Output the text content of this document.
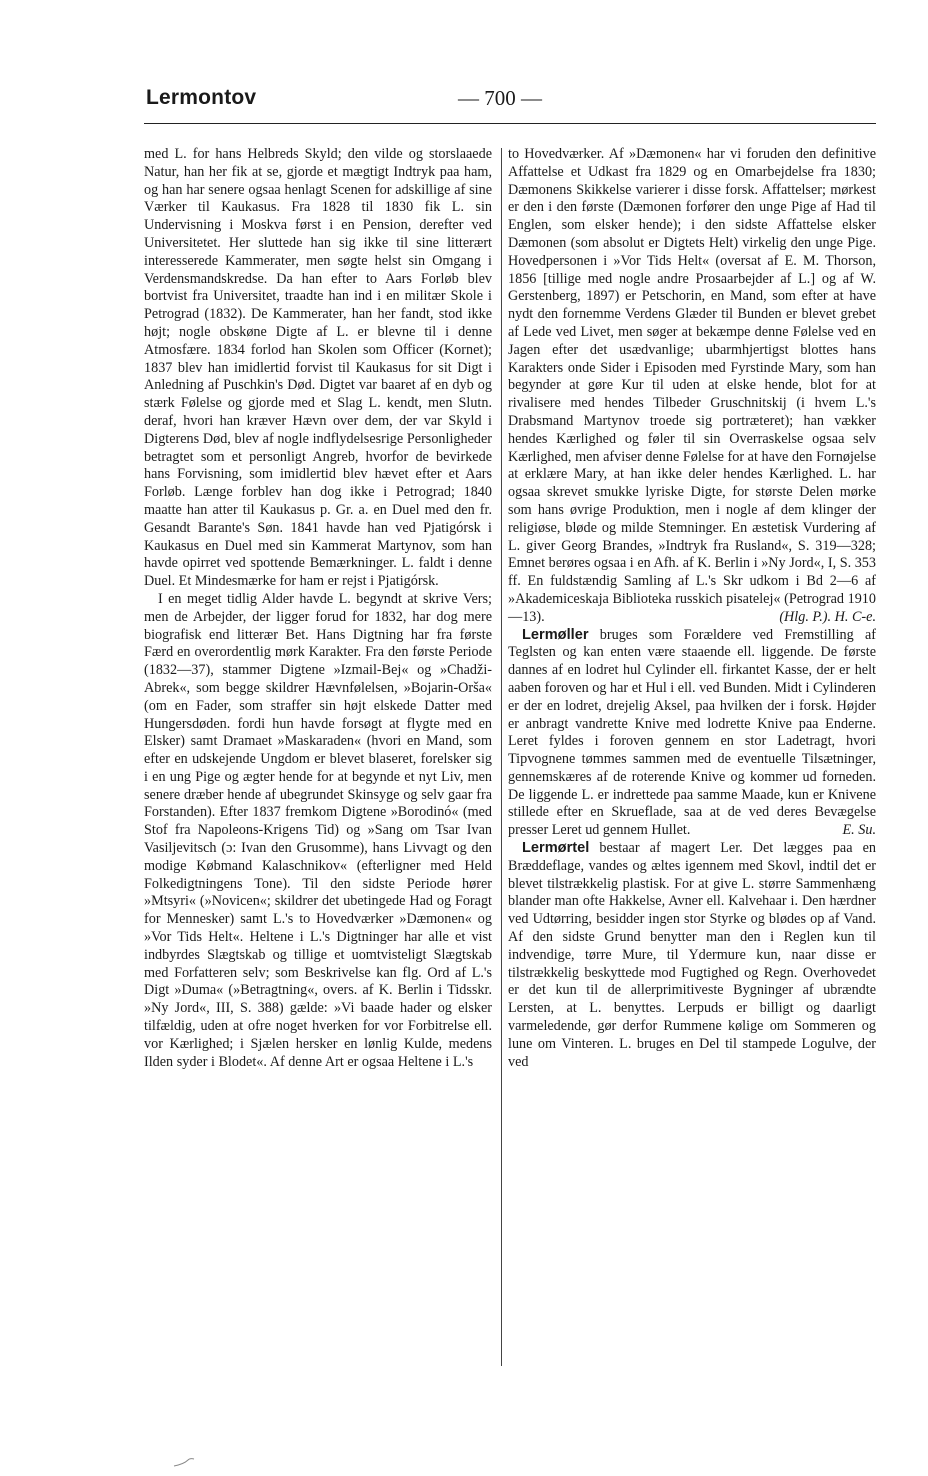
Lermontov	— 700 —

med L. for hans Helbreds Skyld; den vilde og storslaaede Natur, han her fik at se, gjorde et mægtigt Indtryk paa ham, og han har senere ogsaa henlagt Scenen for adskillige af sine Værker til Kaukasus. Fra 1828 til 1830 fik L. sin Undervisning i Moskva først i en Pension, derefter ved Universitetet. Her sluttede han sig ikke til sine litterært interesserede Kammerater, men søgte helst sin Omgang i Verdensmandskredse. Da han efter to Aars Forløb blev bortvist fra Universitet, traadte han ind i en militær Skole i Petrograd (1832). De Kammerater, han her fandt, stod ikke højt; nogle obskøne Digte af L. er blevne til i denne Atmosfære. 1834 forlod han Skolen som Officer (Kornet); 1837 blev han imidlertid forvist til Kaukasus for sit Digt i Anledning af Puschkin's Død. Digtet var baaret af en dyb og stærk Følelse og gjorde med et Slag L. kendt, men Slutn. deraf, hvori han kræver Hævn over dem, der var Skyld i Digterens Død, blev af nogle indflydelsesrige Personligheder betragtet som et personligt Angreb, hvorfor de bevirkede hans Forvisning, som imidlertid blev hævet efter et Aars Forløb. Længe forblev han dog ikke i Petrograd; 1840 maatte han atter til Kaukasus p. Gr. a. en Duel med den fr. Gesandt Barante's Søn. 1841 havde han ved Pjatigórsk i Kaukasus en Duel med sin Kammerat Martynov, som han havde opirret ved spottende Bemærkninger. L. faldt i denne Duel. Et Mindesmærke for ham er rejst i Pjatigórsk.

I en meget tidlig Alder havde L. begyndt at skrive Vers; men de Arbejder, der ligger forud for 1832, har dog mere biografisk end litterær Bet. Hans Digtning har fra første Færd en overordentlig mørk Karakter. Fra den første Periode (1832—37), stammer Digtene »Izmail-Bej« og »Chadži-Abrek«, som begge skildrer Hævnfølelsen, »Bojarin-Orša« (om en Fader, som straffer sin højt elskede Datter med Hungersdøden. fordi hun havde forsøgt at flygte med en Elsker) samt Dramaet »Maskaraden« (hvori en Mand, som efter en udskejende Ungdom er blevet blaseret, forelsker sig i en ung Pige og ægter hende for at begynde et nyt Liv, men senere dræber hende af ubegrundet Skinsyge og selv gaar fra Forstanden). Efter 1837 fremkom Digtene »Borodinó« (med Stof fra Napoleons-Krigens Tid) og »Sang om Tsar Ivan Vasiljevitsch (ɔ: Ivan den Grusomme), hans Livvagt og den modige Købmand Kalaschnikov« (efterligner med Held Folkedigtningens Tone). Til den sidste Periode hører »Mtsyri« (»Novicen«; skildrer det ubetingede Had og Foragt for Mennesker) samt L.'s to Hovedværker »Dæmonen« og »Vor Tids Helt«. Heltene i L.'s Digtninger har alle et vist indbyrdes Slægtskab og tillige et uomtvisteligt Slægtskab med Forfatteren selv; som Beskrivelse kan flg. Ord af L.'s Digt »Duma« (»Betragtning«, overs. af K. Berlin i Tidsskr. »Ny Jord«, III, S. 388) gælde: »Vi baade hader og elsker tilfældig, uden at ofre noget hverken for vor Forbitrelse ell. vor Kærlighed; i Sjælen hersker en lønlig Kulde, medens Ilden syder i Blodet«. Af denne Art er ogsaa Heltene i L.'s

to Hovedværker. Af »Dæmonen« har vi foruden den definitive Affattelse et Udkast fra 1829 og en Omarbejdelse fra 1830; Dæmonens Skikkelse varierer i disse forsk. Affattelser; mørkest er den i den første (Dæmonen forfører den unge Pige af Had til Englen, som elsker hende); i den sidste Affattelse elsker Dæmonen (som absolut er Digtets Helt) virkelig den unge Pige. Hovedpersonen i »Vor Tids Helt« (oversat af E. M. Thorson, 1856 [tillige med nogle andre Prosaarbejder af L.] og af W. Gerstenberg, 1897) er Petschorin, en Mand, som efter at have nydt den fornemme Verdens Glæder til Bunden er blevet grebet af Lede ved Livet, men søger at bekæmpe denne Følelse ved en Jagen efter det usædvanlige; ubarmhjertigst blottes hans Karakters onde Sider i Episoden med Fyrstinde Mary, som han begynder at gøre Kur til uden at elske hende, blot for at rivalisere med hendes Tilbeder Gruschnitskij (i hvem L.'s Drabsmand Martynov troede sig portræteret); han vækker hendes Kærlighed og føler til sin Overraskelse ogsaa selv Kærlighed, men afviser denne Følelse for at have den Fornøjelse at erklære Mary, at han ikke deler hendes Kærlighed. L. har ogsaa skrevet smukke lyriske Digte, for største Delen mørke som hans øvrige Produktion, men i nogle af dem klinger der religiøse, bløde og milde Stemninger. En æstetisk Vurdering af L. giver Georg Brandes, »Indtryk fra Rusland«, S. 319—328; Emnet berøres ogsaa i en Afh. af K. Berlin i »Ny Jord«, I, S. 353 ff. En fuldstændig Samling af L.'s Skr udkom i Bd 2—6 af »Akademiceskaja Biblioteka russkich pisatelej« (Petrograd 1910—13).	(Hlg. P.). H. C-e.

Lermøller bruges som Forældere ved Fremstilling af Teglsten og kan enten være staaende ell. liggende. De første dannes af en lodret hul Cylinder ell. firkantet Kasse, der er helt aaben foroven og har et Hul i ell. ved Bunden. Midt i Cylinderen er der en lodret, drejelig Aksel, paa hvilken der i forsk. Højder er anbragt vandrette Knive med lodrette Knive paa Enderne. Leret fyldes i foroven gennem en stor Ladetragt, hvori Tipvognene tømmes sammen med de eventuelle Tilsætninger, gennemskæres af de roterende Knive og kommer ud forneden. De liggende L. er indrettede paa samme Maade, kun er Knivene stillede efter en Skrueflade, saa at de ved deres Bevægelse presser Leret ud gennem Hullet.	E. Su.

Lermørtel bestaar af magert Ler. Det lægges paa en Bræddeflage, vandes og æltes igennem med Skovl, indtil det er blevet tilstrækkelig plastisk. For at give L. større Sammenhæng blander man ofte Hakkelse, Avner ell. Kalvehaar i. Den hærdner ved Udtørring, besidder ingen stor Styrke og blødes op af Vand. Af den sidste Grund benytter man den i Reglen kun til indvendige, tørre Mure, til Ydermure kun, naar disse er tilstrækkelig beskyttede mod Fugtighed og Regn. Overhovedet er det kun til de allerprimitiveste Bygninger af ubrændte Lersten, at L. benyttes. Lerpuds er billigt og daarligt varmeledende, gør derfor Rummene kølige om Sommeren og lune om Vinteren. L. bruges en Del til stampede Logulve, der ved
